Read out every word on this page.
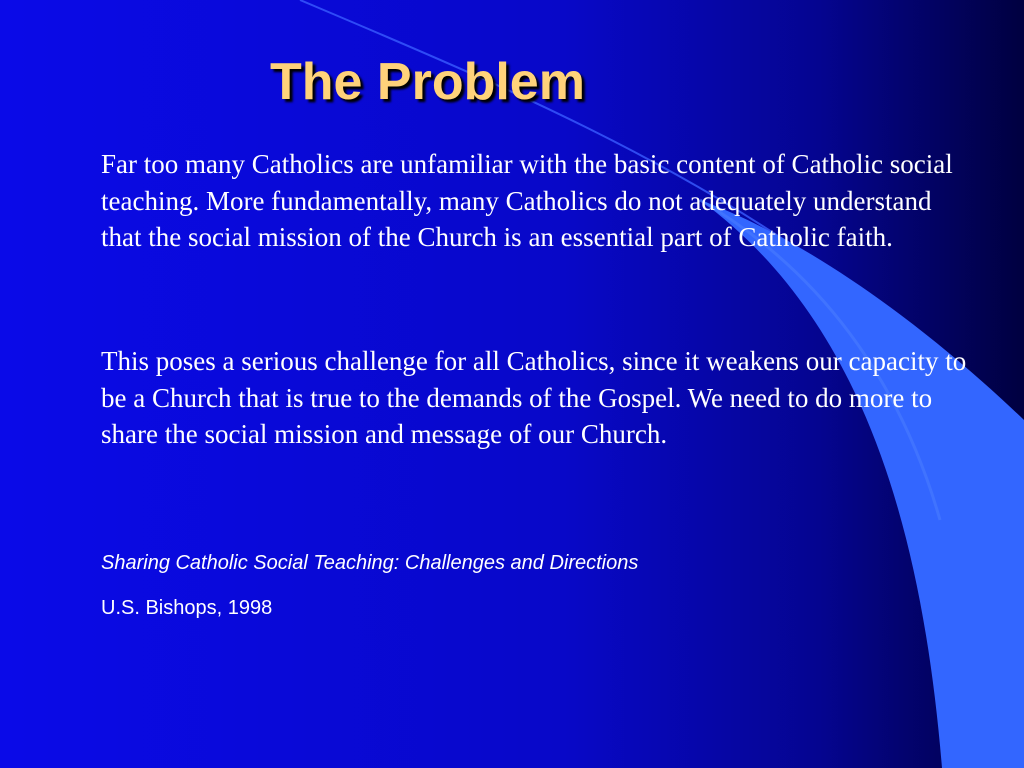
The Problem

Far too many Catholics are unfamiliar with the basic content of Catholic social teaching. More fundamentally, many Catholics do not adequately understand that the social mission of the Church is an essential part of Catholic faith.

This poses a serious challenge for all Catholics, since it weakens our capacity to be a Church that is true to the demands of the Gospel. We need to do more to share the social mission and message of our Church.

Sharing Catholic Social Teaching: Challenges and Directions

U.S. Bishops, 1998
